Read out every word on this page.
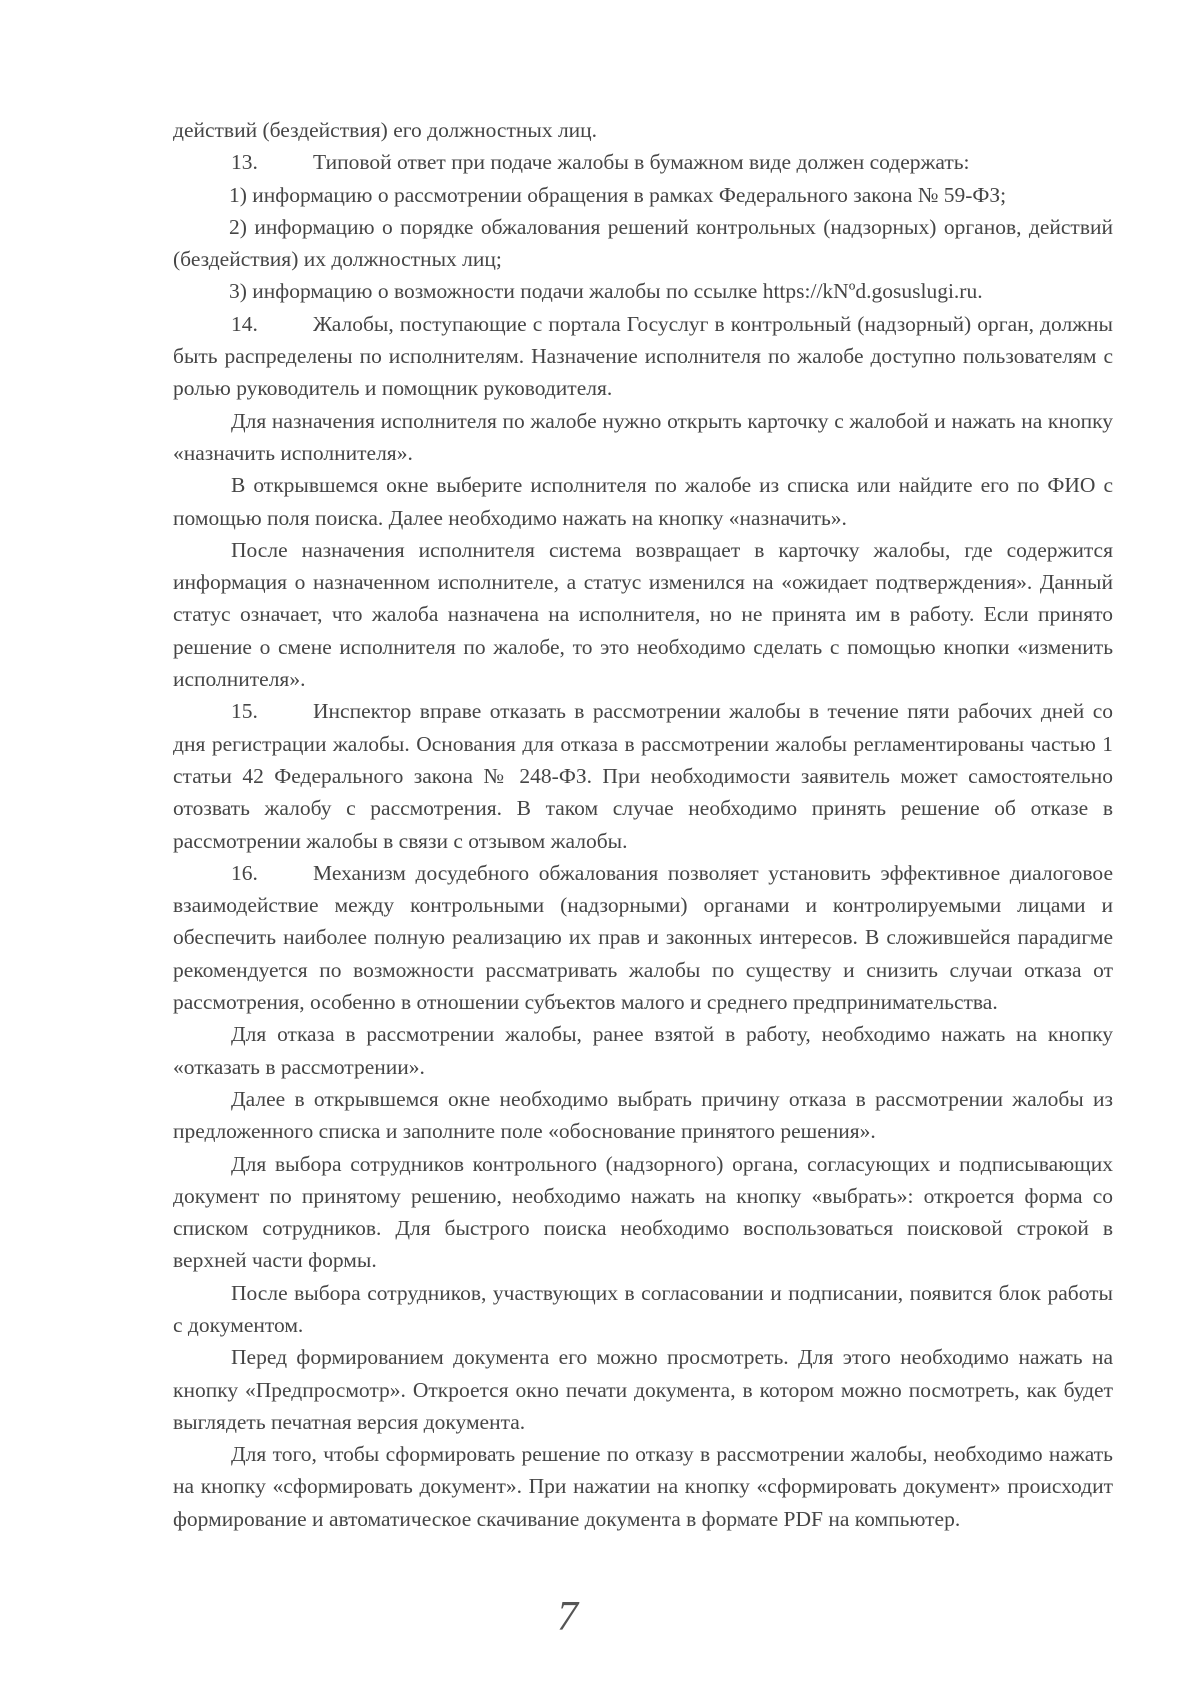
действий (бездействия) его должностных лиц.

13.	Типовой ответ при подаче жалобы в бумажном виде должен содержать:

1) информацию о рассмотрении обращения в рамках Федерального закона № 59-ФЗ;

2) информацию о порядке обжалования решений контрольных (надзорных) органов, действий (бездействия) их должностных лиц;

3) информацию о возможности подачи жалобы по ссылке https://kNºd.gosuslugi.ru.

14.	Жалобы, поступающие с портала Госуслуг в контрольный (надзорный) орган, должны быть распределены по исполнителям. Назначение исполнителя по жалобе доступно пользователям с ролью руководитель и помощник руководителя.

Для назначения исполнителя по жалобе нужно открыть карточку с жалобой и нажать на кнопку «назначить исполнителя».

В открывшемся окне выберите исполнителя по жалобе из списка или найдите его по ФИО с помощью поля поиска. Далее необходимо нажать на кнопку «назначить».

После назначения исполнителя система возвращает в карточку жалобы, где содержится информация о назначенном исполнителе, а статус изменился на «ожидает подтверждения». Данный статус означает, что жалоба назначена на исполнителя, но не принята им в работу. Если принято решение о смене исполнителя по жалобе, то это необходимо сделать с помощью кнопки «изменить исполнителя».

15.	Инспектор вправе отказать в рассмотрении жалобы в течение пяти рабочих дней со дня регистрации жалобы. Основания для отказа в рассмотрении жалобы регламентированы частью 1 статьи 42 Федерального закона № 248-ФЗ. При необходимости заявитель может самостоятельно отозвать жалобу с рассмотрения. В таком случае необходимо принять решение об отказе в рассмотрении жалобы в связи с отзывом жалобы.

16.	Механизм досудебного обжалования позволяет установить эффективное диалоговое взаимодействие между контрольными (надзорными) органами и контролируемыми лицами и обеспечить наиболее полную реализацию их прав и законных интересов. В сложившейся парадигме рекомендуется по возможности рассматривать жалобы по существу и снизить случаи отказа от рассмотрения, особенно в отношении субъектов малого и среднего предпринимательства.

Для отказа в рассмотрении жалобы, ранее взятой в работу, необходимо нажать на кнопку «отказать в рассмотрении».

Далее в открывшемся окне необходимо выбрать причину отказа в рассмотрении жалобы из предложенного списка и заполните поле «обоснование принятого решения».

Для выбора сотрудников контрольного (надзорного) органа, согласующих и подписывающих документ по принятому решению, необходимо нажать на кнопку «выбрать»: откроется форма со списком сотрудников. Для быстрого поиска необходимо воспользоваться поисковой строкой в верхней части формы.

После выбора сотрудников, участвующих в согласовании и подписании, появится блок работы с документом.

Перед формированием документа его можно просмотреть. Для этого необходимо нажать на кнопку «Предпросмотр». Откроется окно печати документа, в котором можно посмотреть, как будет выглядеть печатная версия документа.

Для того, чтобы сформировать решение по отказу в рассмотрении жалобы, необходимо нажать на кнопку «сформировать документ». При нажатии на кнопку «сформировать документ» происходит формирование и автоматическое скачивание документа в формате PDF на компьютер.

7
